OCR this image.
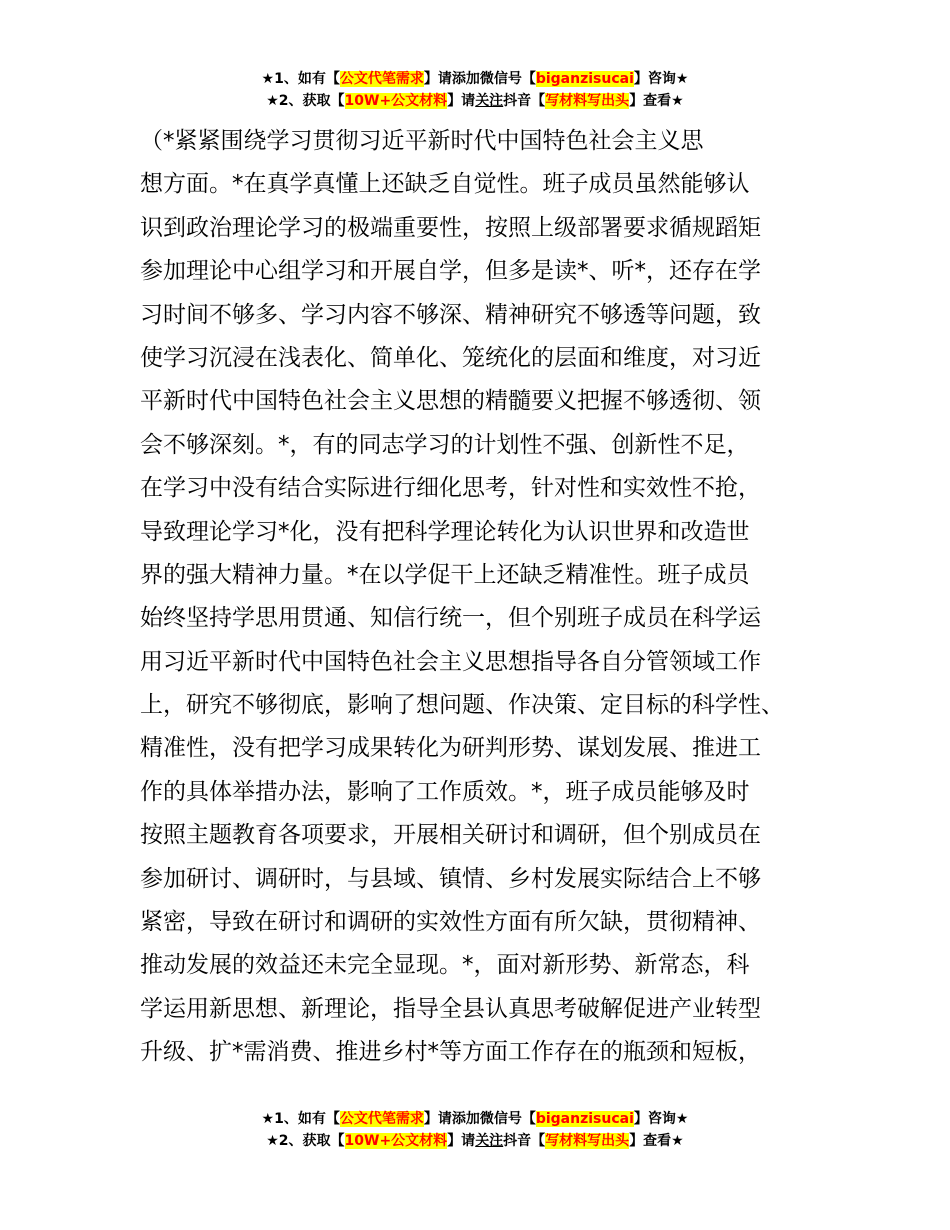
★1、如有【公文代笔需求】请添加微信号【biganzisucai】咨询★
★2、获取【10W+公文材料】请关注抖音【写材料写出头】查看★
（*紧紧围绕学习贯彻习近平新时代中国特色社会主义思
想方面。*在真学真懂上还缺乏自觉性。班子成员虽然能够认
识到政治理论学习的极端重要性，按照上级部署要求循规蹈矩
参加理论中心组学习和开展自学，但多是读*、听*，还存在学
习时间不够多、学习内容不够深、精神研究不够透等问题，致
使学习沉浸在浅表化、简单化、笼统化的层面和维度，对习近
平新时代中国特色社会主义思想的精髓要义把握不够透彻、领
会不够深刻。*，有的同志学习的计划性不强、创新性不足，
在学习中没有结合实际进行细化思考，针对性和实效性不抢，
导致理论学习*化，没有把科学理论转化为认识世界和改造世
界的强大精神力量。*在以学促干上还缺乏精准性。班子成员
始终坚持学思用贯通、知信行统一，但个别班子成员在科学运
用习近平新时代中国特色社会主义思想指导各自分管领域工作
上，研究不够彻底，影响了想问题、作决策、定目标的科学性、
精准性，没有把学习成果转化为研判形势、谋划发展、推进工
作的具体举措办法，影响了工作质效。*，班子成员能够及时
按照主题教育各项要求，开展相关研讨和调研，但个别成员在
参加研讨、调研时，与县域、镇情、乡村发展实际结合上不够
紧密，导致在研讨和调研的实效性方面有所欠缺，贯彻精神、
推动发展的效益还未完全显现。*，面对新形势、新常态，科
学运用新思想、新理论，指导全县认真思考破解促进产业转型
升级、扩*需消费、推进乡村*等方面工作存在的瓶颈和短板，
★1、如有【公文代笔需求】请添加微信号【biganzisucai】咨询★
★2、获取【10W+公文材料】请关注抖音【写材料写出头】查看★
